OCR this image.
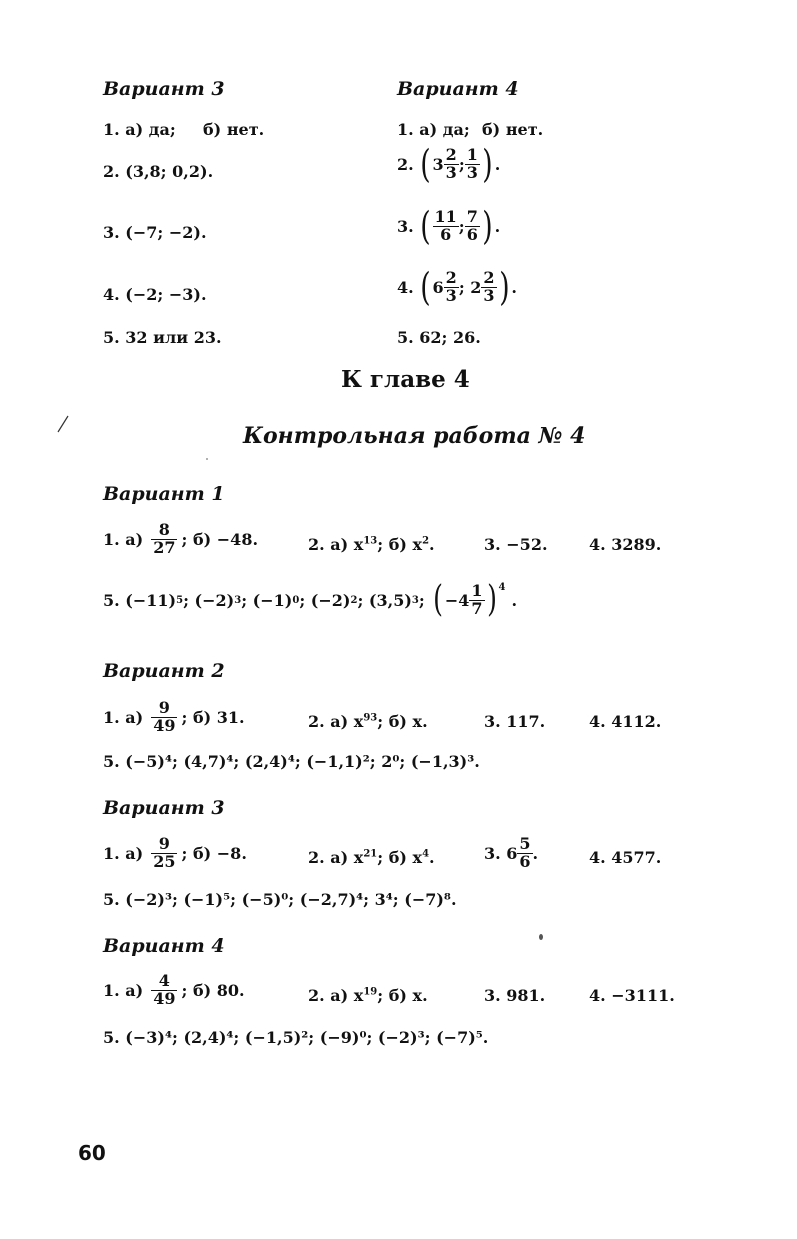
Вариант 3
1. а) да; б) нет.
2. (3,8; 0,2).
3. (−7; −2).
4. (−2; −3).
5. 32 или 23.
Вариант 4
1. а) да; б) нет.
2. ( $3 \frac{2}{3}$ ; $\frac{1}{3}$ ) .
3. ( $\frac{11}{6}$ ; $\frac{7}{6}$ ) .
4. ( $6 \frac{2}{3}$ ; $2 \frac{2}{3}$ ) .
5. 62; 26.
К главе 4
Контрольная работа № 4
Вариант 1
1. $а) \frac{8}{27}$ ; б) −48.	2. а) $x^{13}$; б) $x^2$.	3. −52.	4. 3289.
5. (−11) 5 ; (−2) 3 ; (−1) 0 ; (−2) 2 ; (3,5) 3 ; ( $-4 \frac{1}{7} )^4$
.
Вариант 2
1. $а) \frac{9}{49}$ ; б) 31.	2. а) $x^{93}$; б) x.	3. 117.	4. 4112.
5. (−5)⁴; (4,7)⁴; (2,4)⁴; (−1,1)²; 2⁰; (−1,3)³.
Вариант 3
1. $а) \frac{9}{25}$ ; б) −8.	2. а) $x^{21}$; б) $x^4$.	3. $6 \frac{5}{6}$ .	4. 4577.
5. (−2)³; (−1)⁵; (−5)⁰; (−2,7)⁴; 3⁴; (−7)⁸.
Вариант 4
1. $а) \frac{4}{49}$ ; б) 80.	2. а) $x^{19}$; б) x.	3. 981.	4. −3111.
5. (−3)⁴; (2,4)⁴; (−1,5)²; (−9)⁰; (−2)³; (−7)⁵.
60
